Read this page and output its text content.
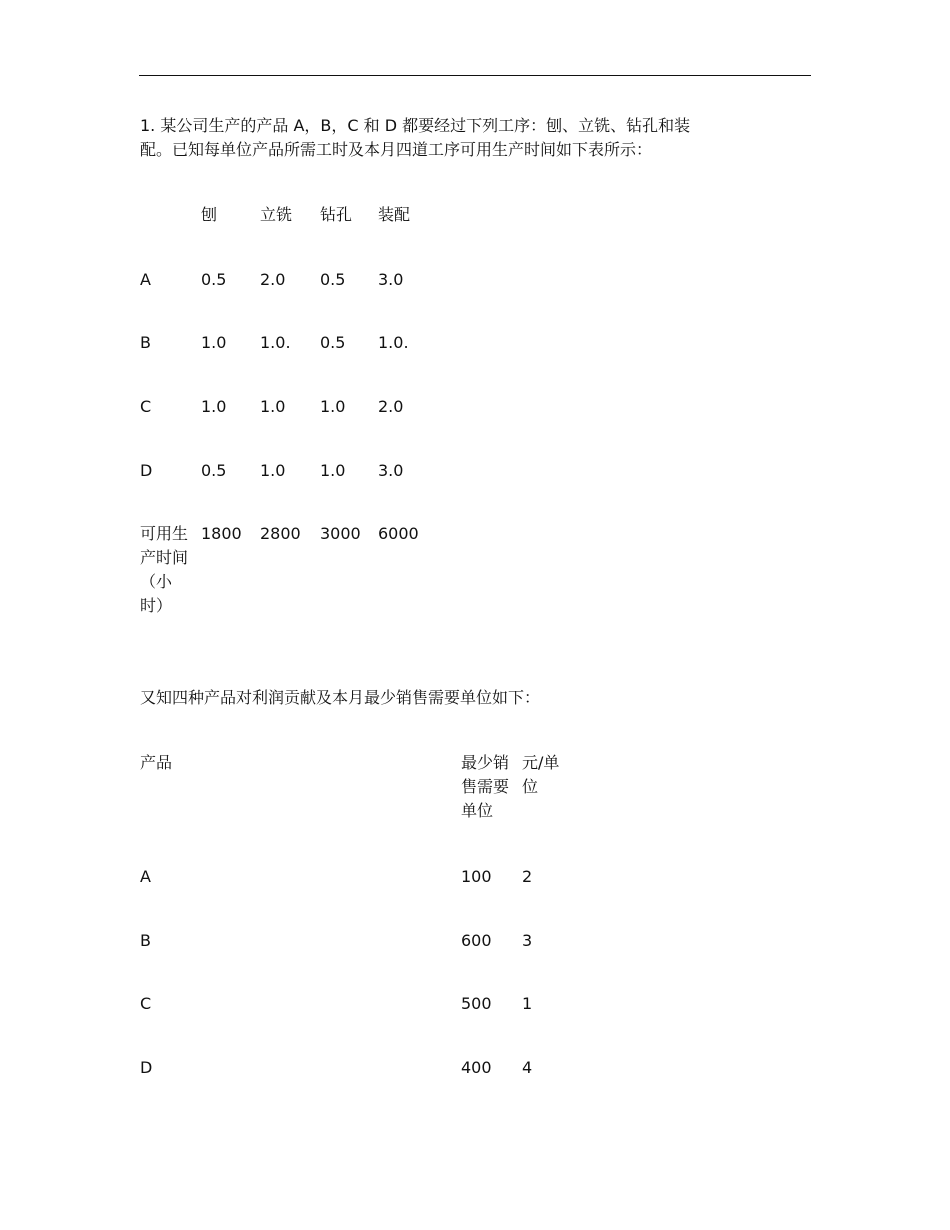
1. 某公司生产的产品 A，B，C 和 D 都要经过下列工序：刨、立铣、钻孔和装
配。已知每单位产品所需工时及本月四道工序可用生产时间如下表所示：

刨	立铣 钻孔 装配
A	0.5 2.0 0.5 3.0
B	1.0 1.0. 0.5 1.0.
C	1.0 1.0 1.0 2.0
D	0.5 1.0 1.0 3.0
可用生
产时间
（小
时）
1800 2800 3000 6000

又知四种产品对利润贡献及本月最少销售需要单位如下：

产品	最少销
售需要
单位
元/单
位
A	100 2
B	600 3
C	500 1
D	400 4
